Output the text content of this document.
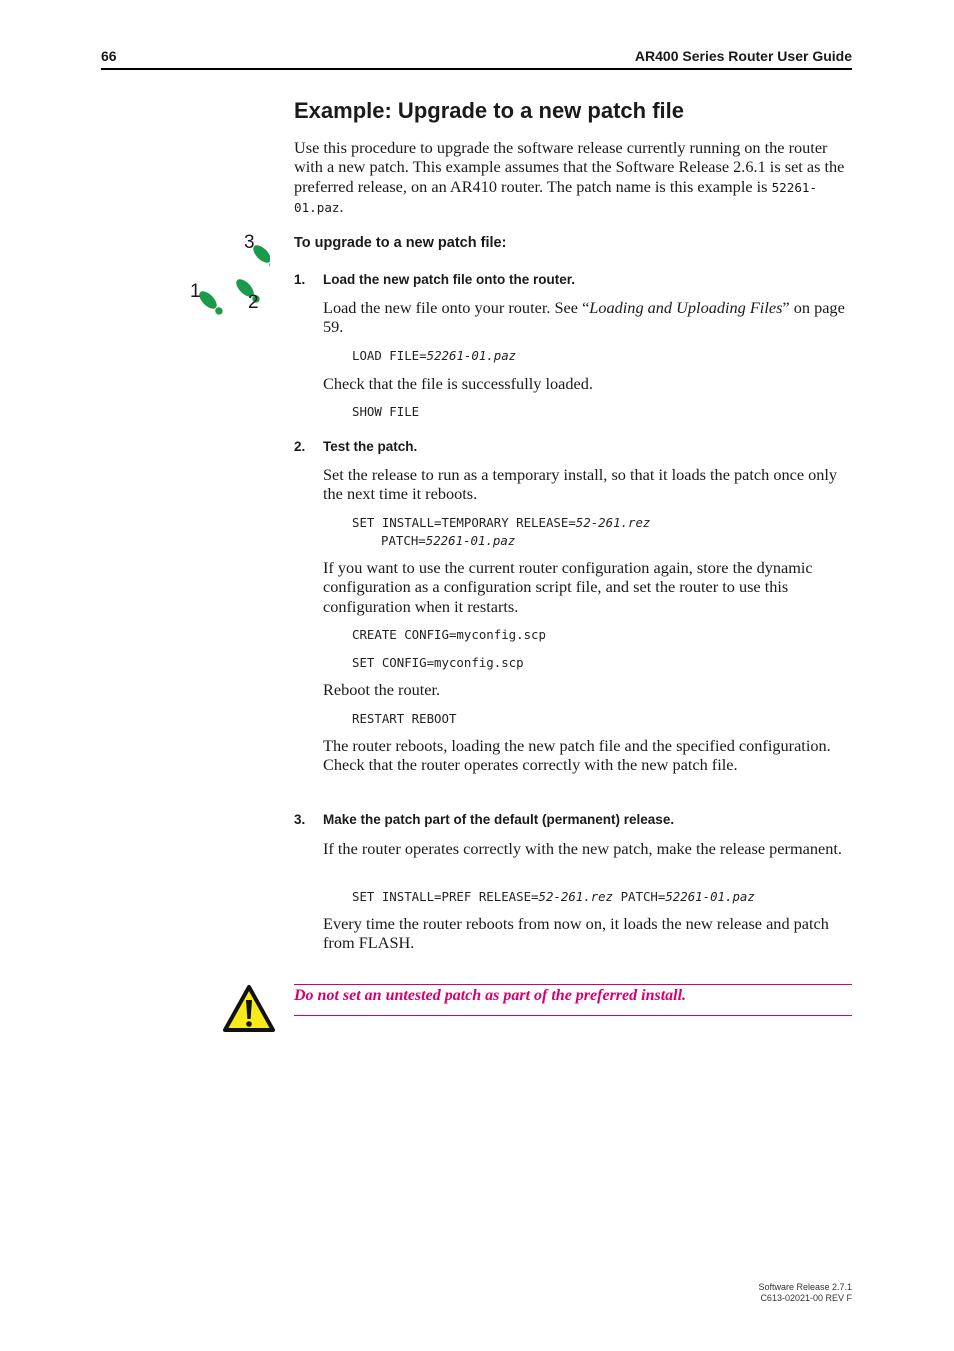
66	AR400 Series Router User Guide
Example: Upgrade to a new patch file
Use this procedure to upgrade the software release currently running on the router with a new patch. This example assumes that the Software Release 2.6.1 is set as the preferred release, on an AR410 router. The patch name is this example is 52261-01.paz.
3
1
2
To upgrade to a new patch file:
1. Load the new patch file onto the router.
Load the new file onto your router. See “Loading and Uploading Files” on page 59.
LOAD FILE=52261-01.paz
Check that the file is successfully loaded.
SHOW FILE
2. Test the patch.
Set the release to run as a temporary install, so that it loads the patch once only the next time it reboots.
SET INSTALL=TEMPORARY RELEASE=52-261.rez
PATCH=52261-01.paz
If you want to use the current router configuration again, store the dynamic configuration as a configuration script file, and set the router to use this configuration when it restarts.
CREATE CONFIG=myconfig.scp
SET CONFIG=myconfig.scp
Reboot the router.
RESTART REBOOT
The router reboots, loading the new patch file and the specified configuration. Check that the router operates correctly with the new patch file.
3. Make the patch part of the default (permanent) release.
If the router operates correctly with the new patch, make the release permanent.
SET INSTALL=PREF RELEASE=52-261.rez PATCH=52261-01.paz
Every time the router reboots from now on, it loads the new release and patch from FLASH.
Do not set an untested patch as part of the preferred install.
Software Release 2.7.1
C613-02021-00 REV F
